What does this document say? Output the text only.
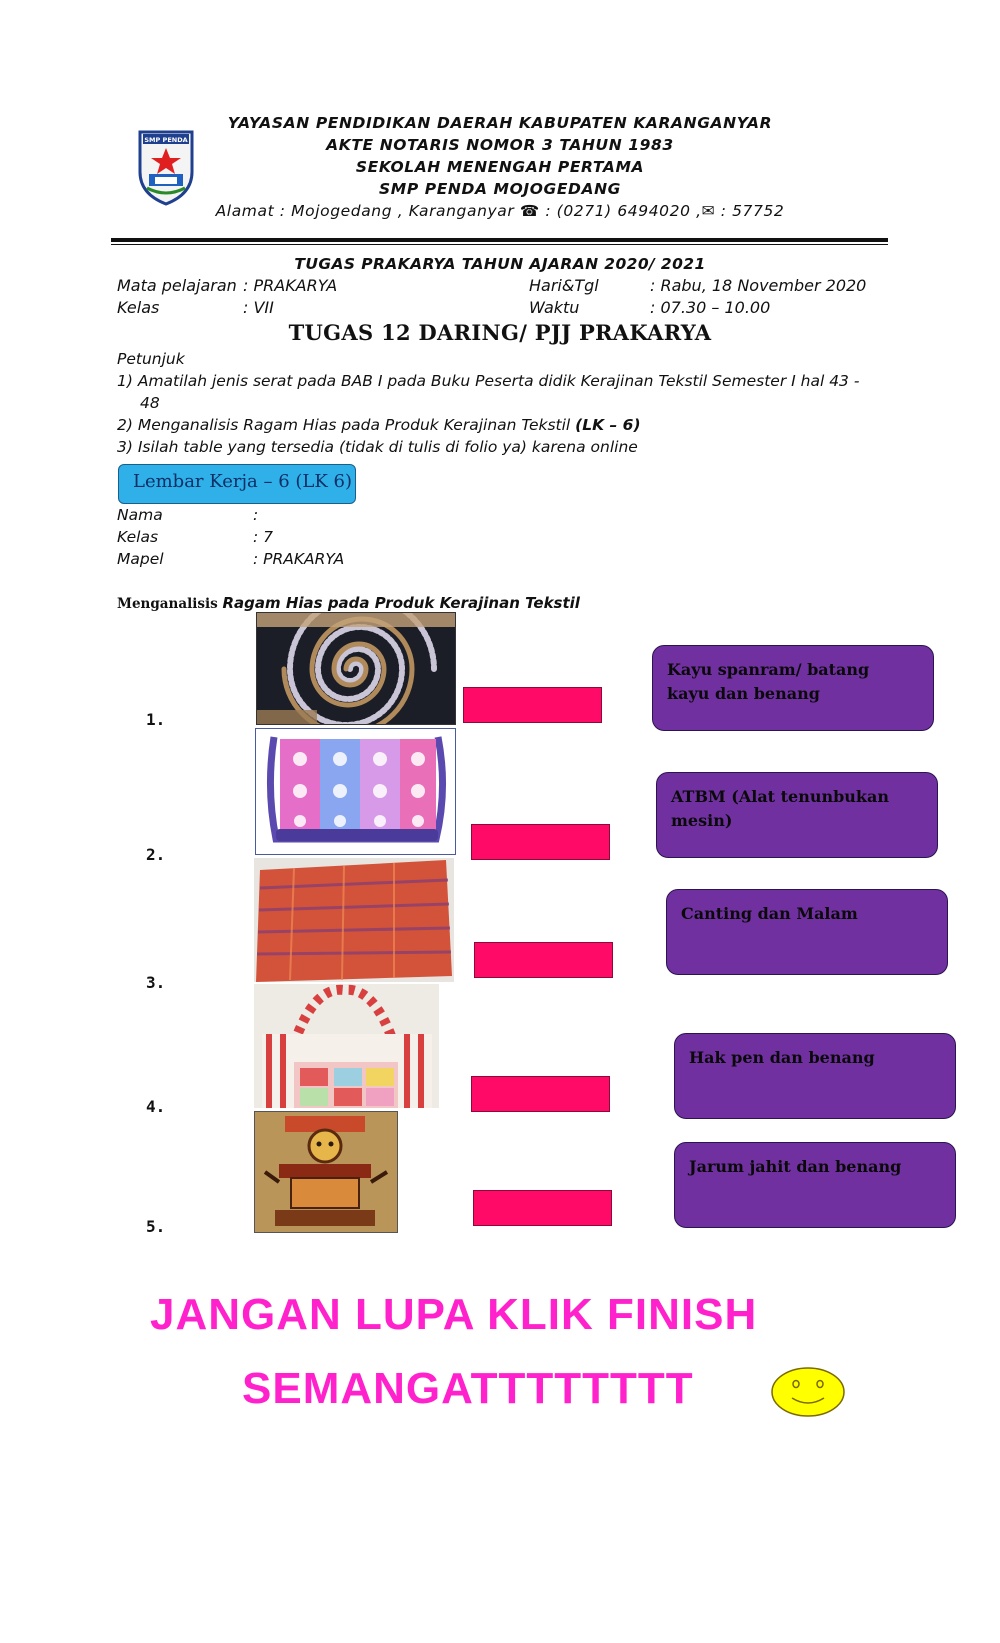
SMP PENDA
YAYASAN PENDIDIKAN DAERAH KABUPATEN KARANGANYAR
AKTE NOTARIS NOMOR 3 TAHUN 1983
SEKOLAH MENENGAH PERTAMA
SMP PENDA MOJOGEDANG
Alamat : Mojogedang , Karanganyar ☎ : (0271) 6494020 ,✉ : 57752
TUGAS PRAKARYA TAHUN AJARAN 2020/ 2021
Mata pelajaran : PRAKARYA
Kelas	: VII
Hari&Tgl	: Rabu, 18 November 2020
Waktu	: 07.30 – 10.00
TUGAS 12 DARING/ PJJ PRAKARYA
Petunjuk
1) Amatilah jenis serat pada BAB I pada Buku Peserta didik Kerajinan Tekstil Semester I hal 43 -
48
2) Menganalisis Ragam Hias pada Produk Kerajinan Tekstil (LK – 6)
3) Isilah table yang tersedia (tidak di tulis di folio ya) karena online
Lembar Kerja – 6 (LK 6)
Nama	:
Kelas	: 7
Mapel	: PRAKARYA
Menganalisis Ragam Hias pada Produk Kerajinan Tekstil
1.
2.
3.
4.
5.
Kayu spanram/ batang
kayu dan benang
ATBM (Alat tenunbukan
mesin)
Canting dan Malam
Hak pen dan benang
Jarum jahit dan benang
JANGAN LUPA KLIK FINISH
SEMANGATTTTTTTT
